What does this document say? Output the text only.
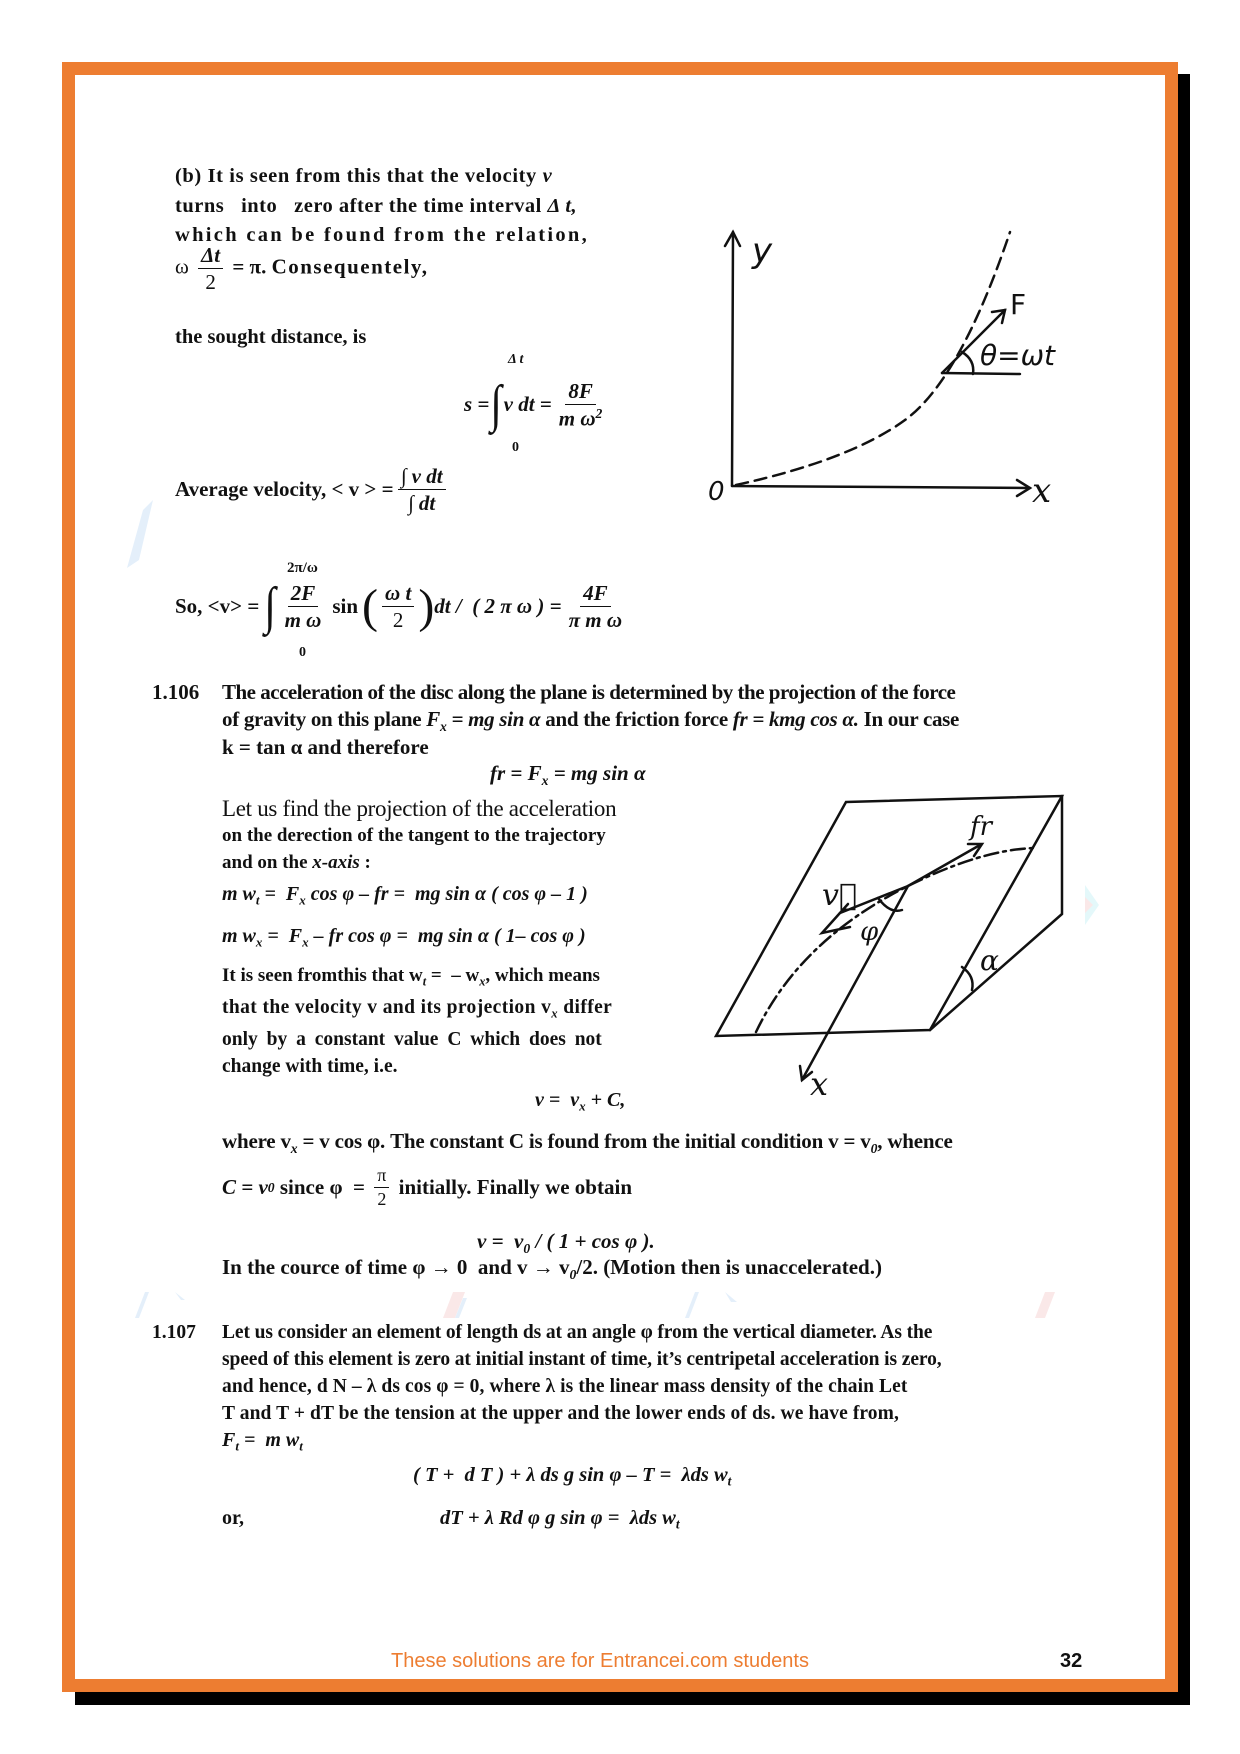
(b) It is seen from this that the velocity v
turns   into   zero after the time interval Δ t,
which can be found from the relation,
ω $\frac{\Delta t}{2} = \pi$. Consequentely,
the sought distance, is
Δ t
0
s = ∫ v dt = $\frac{8F}{m \omega^2}$
Average velocity, < v > = $\frac{\text{∫ v dt}}{\int dt}$
2π/ω
0
So, <v> = ∫ $\frac{2F}{\text{m ω}}$ sin ( $\frac{\text{ω t}}{2}$ ) dt /  ( 2 π ω ) = $\frac{4F}{\text{π m ω}}$
y
x
0
F
θ=ωt
1.106 The acceleration of the disc along the plane is determined by the projection of the force
of gravity on this plane $F_x$ = mg sin α and the friction force fr = kmg cos α. In our case
k = tan α and therefore
fr = $F_x$ = mg sin α
Let us find the projection of the acceleration
on the derection of the tangent to the trajectory
and on the x-axis :
m $w_t = F_x$ cos φ – fr =  mg sin α ( cos φ – 1 )
m $w_x = F_x$ – fr cos φ =  mg sin α ( 1– cos φ )
It is seen fromthis that $w_t$ =  – $w_x$, which means
that the velocity v and its projection $v_x$ differ
only by a constant value C which does not
change with time, i.e.
$v = v_x + C$,
where $v_x = v$ cos φ. The constant C is found from the initial condition $v = v_0$, whence
C = v 0 since $\varphi = \frac{\pi}{2}$ initially. Finally we obtain
$v = v_0$ / ( 1 + cos φ ).
In the cource of time φ → 0  and $v \to v_0/2$. (Motion then is unaccelerated.)
v⃗
φ
fr
α
x
1.107 Let us consider an element of length ds at an angle φ from the vertical diameter. As the
speed of this element is zero at initial instant of time, it’s centripetal acceleration is zero,
and hence, d N – λ ds cos φ = 0, where λ is the linear mass density of the chain Let
T and T + dT be the tension at the upper and the lower ends of ds. we have from,
$F_t = m$ $w_t$
( T +  d T ) + λ ds g sin φ – T =  λds $w_t$
or,	dT + λ Rd φ g sin φ =  λds $w_t$
These solutions are for Entrancei.com students	32
